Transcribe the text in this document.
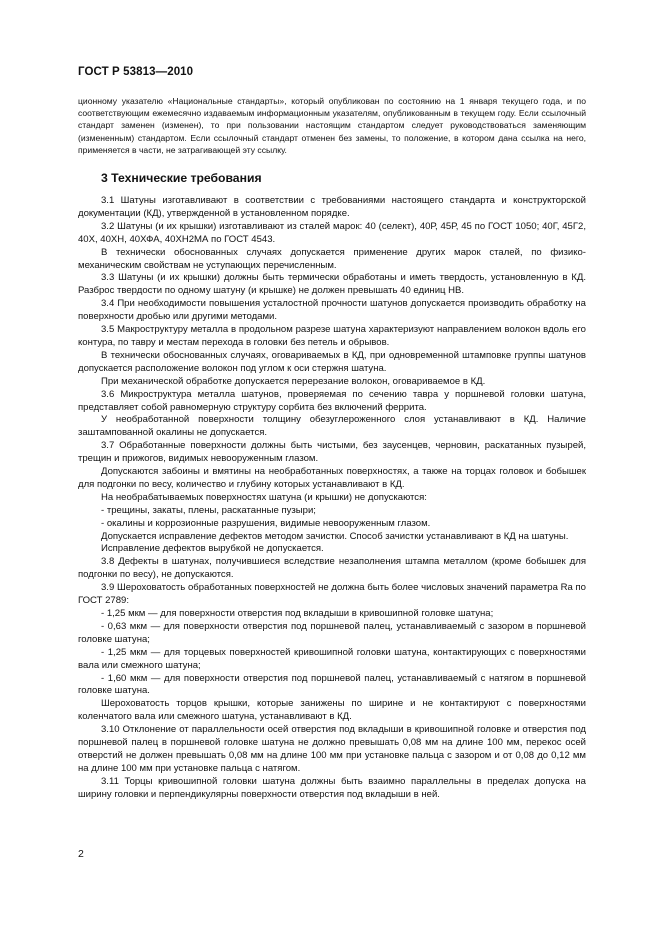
ГОСТ Р 53813—2010

ционному указателю «Национальные стандарты», который опубликован по состоянию на 1 января текущего года, и по соответствующим ежемесячно издаваемым информационным указателям, опубликованным в текущем году. Если ссылочный стандарт заменен (изменен), то при пользовании настоящим стандартом следует руководствоваться заменяющим (измененным) стандартом. Если ссылочный стандарт отменен без замены, то положение, в котором дана ссылка на него, применяется в части, не затрагивающей эту ссылку.

3 Технические требования

3.1 Шатуны изготавливают в соответствии с требованиями настоящего стандарта и конструкторской документации (КД), утвержденной в установленном порядке.

3.2 Шатуны (и их крышки) изготавливают из сталей марок: 40 (селект), 40Р, 45Р, 45 по ГОСТ 1050; 40Г, 45Г2, 40Х, 40ХН, 40ХФА, 40ХН2МА по ГОСТ 4543.

В технически обоснованных случаях допускается применение других марок сталей, по физико-механическим свойствам не уступающих перечисленным.

3.3 Шатуны (и их крышки) должны быть термически обработаны и иметь твердость, установленную в КД. Разброс твердости по одному шатуну (и крышке) не должен превышать 40 единиц НВ.

3.4 При необходимости повышения усталостной прочности шатунов допускается производить обработку на поверхности дробью или другими методами.

3.5 Макроструктуру металла в продольном разрезе шатуна характеризуют направлением волокон вдоль его контура, по тавру и местам перехода в головки без петель и обрывов.

В технически обоснованных случаях, оговариваемых в КД, при одновременной штамповке группы шатунов допускается расположение волокон под углом к оси стержня шатуна.

При механической обработке допускается перерезание волокон, оговариваемое в КД.

3.6 Микроструктура металла шатунов, проверяемая по сечению тавра у поршневой головки шатуна, представляет собой равномерную структуру сорбита без включений феррита.

У необработанной поверхности толщину обезуглероженного слоя устанавливают в КД. Наличие заштампованной окалины не допускается.

3.7 Обработанные поверхности должны быть чистыми, без заусенцев, черновин, раскатанных пузырей, трещин и прижогов, видимых невооруженным глазом.

Допускаются забоины и вмятины на необработанных поверхностях, а также на торцах головок и бобышек для подгонки по весу, количество и глубину которых устанавливают в КД.

На необрабатываемых поверхностях шатуна (и крышки) не допускаются:

- трещины, закаты, плены, раскатанные пузыри;

- окалины и коррозионные разрушения, видимые невооруженным глазом.

Допускается исправление дефектов методом зачистки. Способ зачистки устанавливают в КД на шатуны.

Исправление дефектов вырубкой не допускается.

3.8 Дефекты в шатунах, получившиеся вследствие незаполнения штампа металлом (кроме бобышек для подгонки по весу), не допускаются.

3.9 Шероховатость обработанных поверхностей не должна быть более числовых значений параметра Ra по ГОСТ 2789:

- 1,25 мкм — для поверхности отверстия под вкладыши в кривошипной головке шатуна;

- 0,63 мкм — для поверхности отверстия под поршневой палец, устанавливаемый с зазором в поршневой головке шатуна;

- 1,25 мкм — для торцевых поверхностей кривошипной головки шатуна, контактирующих с поверхностями вала или смежного шатуна;

- 1,60 мкм — для поверхности отверстия под поршневой палец, устанавливаемый с натягом в поршневой головке шатуна.

Шероховатость торцов крышки, которые занижены по ширине и не контактируют с поверхностями коленчатого вала или смежного шатуна, устанавливают в КД.

3.10 Отклонение от параллельности осей отверстия под вкладыши в кривошипной головке и отверстия под поршневой палец в поршневой головке шатуна не должно превышать 0,08 мм на длине 100 мм, перекос осей отверстий не должен превышать 0,08 мм на длине 100 мм при установке пальца с зазором и от 0,08 до 0,12 мм на длине 100 мм при установке пальца с натягом.

3.11 Торцы кривошипной головки шатуна должны быть взаимно параллельны в пределах допуска на ширину головки и перпендикулярны поверхности отверстия под вкладыши в ней.

2
